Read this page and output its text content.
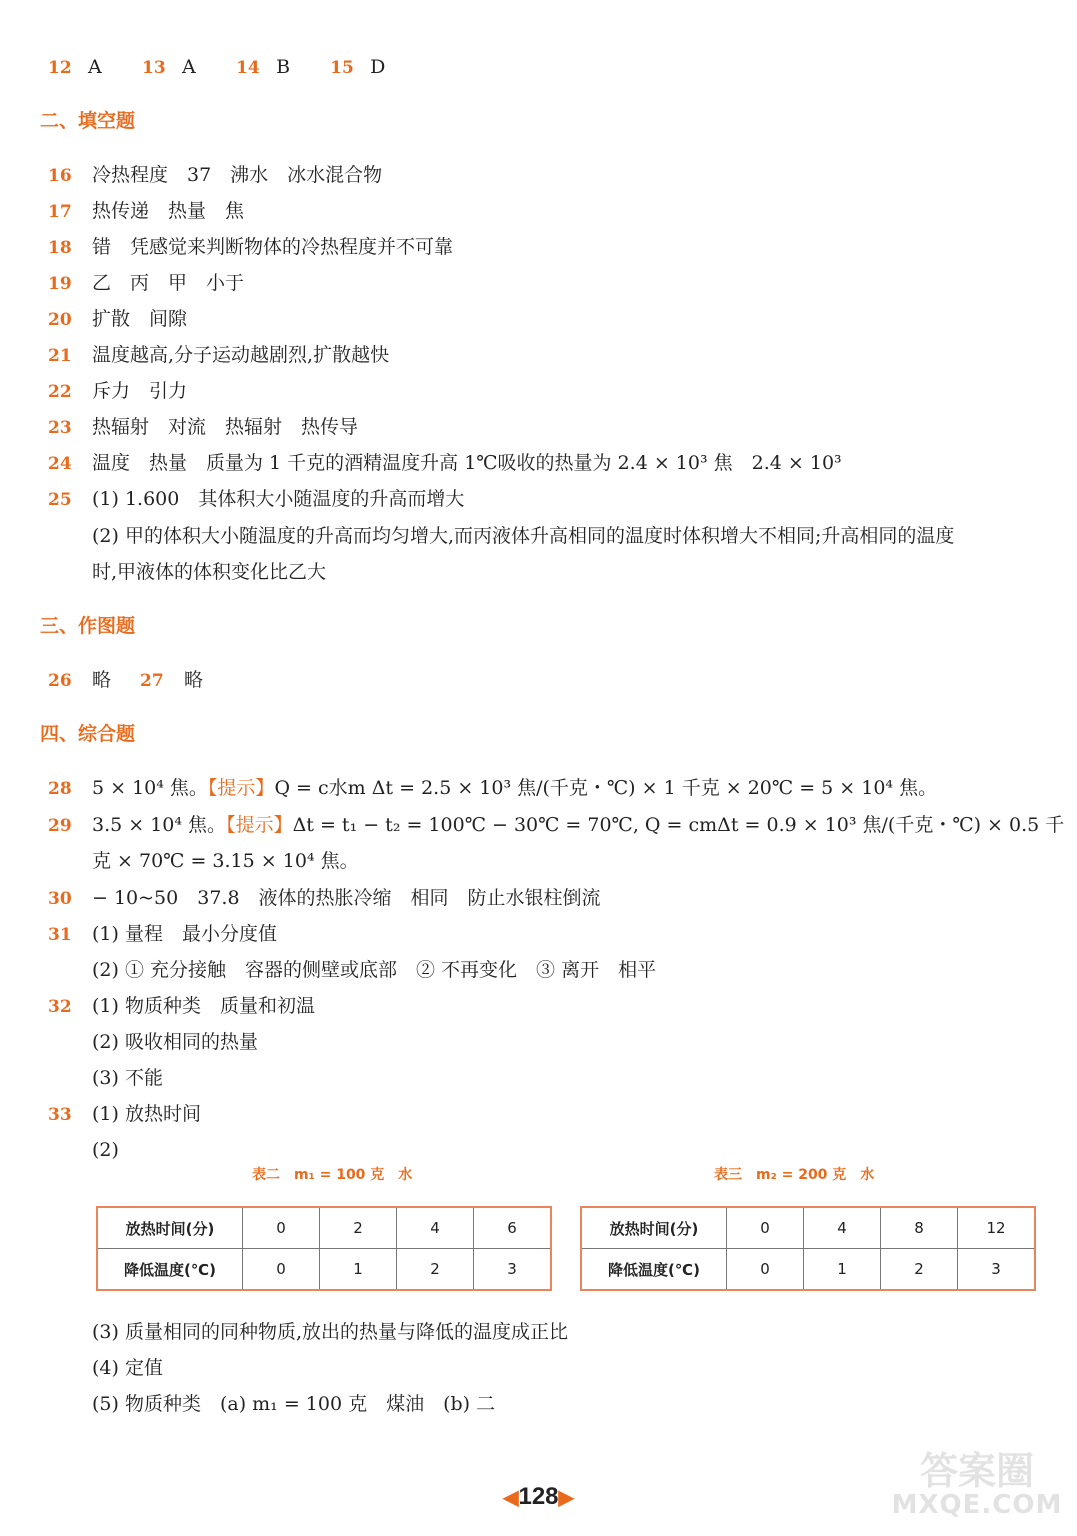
12 A 13 A 14 B 15 D
二、填空题
16 冷热程度　37　沸水　冰水混合物
17 热传递　热量　焦
18 错　凭感觉来判断物体的冷热程度并不可靠
19 乙　丙　甲　小于
20 扩散　间隙
21 温度越高,分子运动越剧烈,扩散越快
22 斥力　引力
23 热辐射　对流　热辐射　热传导
24 温度　热量　质量为 1 千克的酒精温度升高 1℃吸收的热量为 2.4 × 10³ 焦　2.4 × 10³
25 (1) 1.600　其体积大小随温度的升高而增大
(2) 甲的体积大小随温度的升高而均匀增大,而丙液体升高相同的温度时体积增大不相同;升高相同的温度
时,甲液体的体积变化比乙大
三、作图题
26 略 27 略
四、综合题
28 5 × 10⁴ 焦。【提示】Q = c水m Δt = 2.5 × 10³ 焦/(千克・℃) × 1 千克 × 20℃ = 5 × 10⁴ 焦。
29 3.5 × 10⁴ 焦。【提示】Δt = t₁ − t₂ = 100℃ − 30℃ = 70℃, Q = cmΔt = 0.9 × 10³ 焦/(千克・℃) × 0.5 千
克 × 70℃ = 3.15 × 10⁴ 焦。
30 − 10~50　37.8　液体的热胀冷缩　相同　防止水银柱倒流
31 (1) 量程　最小分度值
(2) ① 充分接触　容器的侧壁或底部　② 不再变化　③ 离开　相平
32 (1) 物质种类　质量和初温
(2) 吸收相同的热量
(3) 不能
33 (1) 放热时间
(2)
表二　m₁ = 100 克　水
放热时间(分)	0	2	4	6
降低温度(℃)	0	1	2	3
表三　m₂ = 200 克　水
放热时间(分)	0	4	8	12
降低温度(℃)	0	1	2	3
(3) 质量相同的同种物质,放出的热量与降低的温度成正比
(4) 定值
(5) 物质种类　(a) m₁ = 100 克　煤油　(b) 二
◀128▶
答案圈
MXQE.COM
